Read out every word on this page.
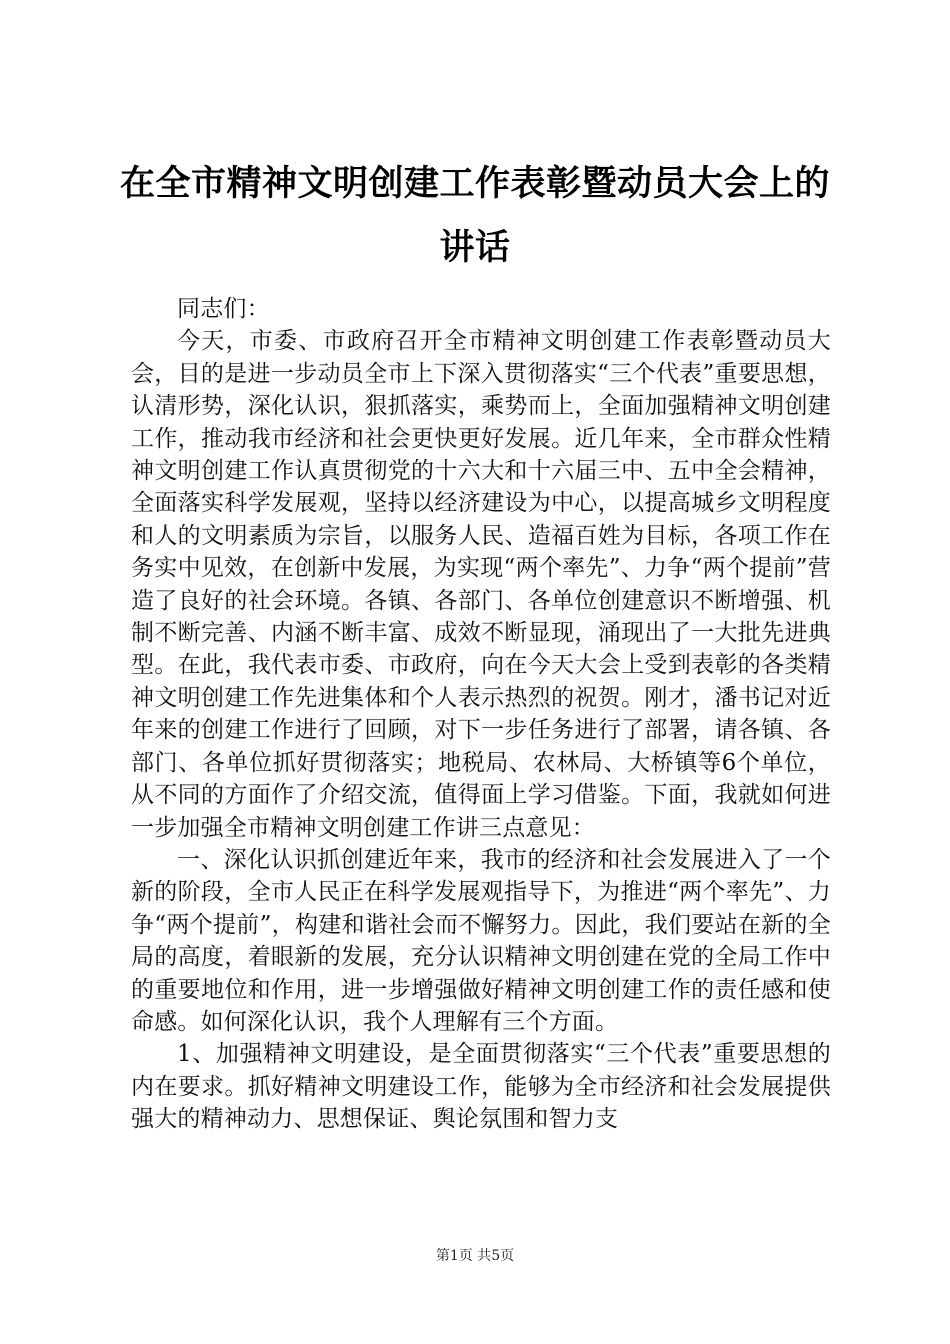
在全市精神文明创建工作表彰暨动员大会上的
讲话

同志们：

今天，市委、市政府召开全市精神文明创建工作表彰暨动员大会，目的是进一步动员全市上下深入贯彻落实“三个代表”重要思想，认清形势，深化认识，狠抓落实，乘势而上，全面加强精神文明创建工作，推动我市经济和社会更快更好发展。近几年来，全市群众性精神文明创建工作认真贯彻党的十六大和十六届三中、五中全会精神，全面落实科学发展观，坚持以经济建设为中心，以提高城乡文明程度和人的文明素质为宗旨，以服务人民、造福百姓为目标，各项工作在务实中见效，在创新中发展，为实现“两个率先”、力争“两个提前”营造了良好的社会环境。各镇、各部门、各单位创建意识不断增强、机制不断完善、内涵不断丰富、成效不断显现，涌现出了一大批先进典型。在此，我代表市委、市政府，向在今天大会上受到表彰的各类精神文明创建工作先进集体和个人表示热烈的祝贺。刚才，潘书记对近年来的创建工作进行了回顾，对下一步任务进行了部署，请各镇、各部门、各单位抓好贯彻落实；地税局、农林局、大桥镇等6个单位，从不同的方面作了介绍交流，值得面上学习借鉴。下面，我就如何进一步加强全市精神文明创建工作讲三点意见：

一、深化认识抓创建近年来，我市的经济和社会发展进入了一个新的阶段，全市人民正在科学发展观指导下，为推进“两个率先”、力争“两个提前”，构建和谐社会而不懈努力。因此，我们要站在新的全局的高度，着眼新的发展，充分认识精神文明创建在党的全局工作中的重要地位和作用，进一步增强做好精神文明创建工作的责任感和使命感。如何深化认识，我个人理解有三个方面。

1、加强精神文明建设，是全面贯彻落实“三个代表”重要思想的内在要求。抓好精神文明建设工作，能够为全市经济和社会发展提供强大的精神动力、思想保证、舆论氛围和智力支

第1页 共5页
